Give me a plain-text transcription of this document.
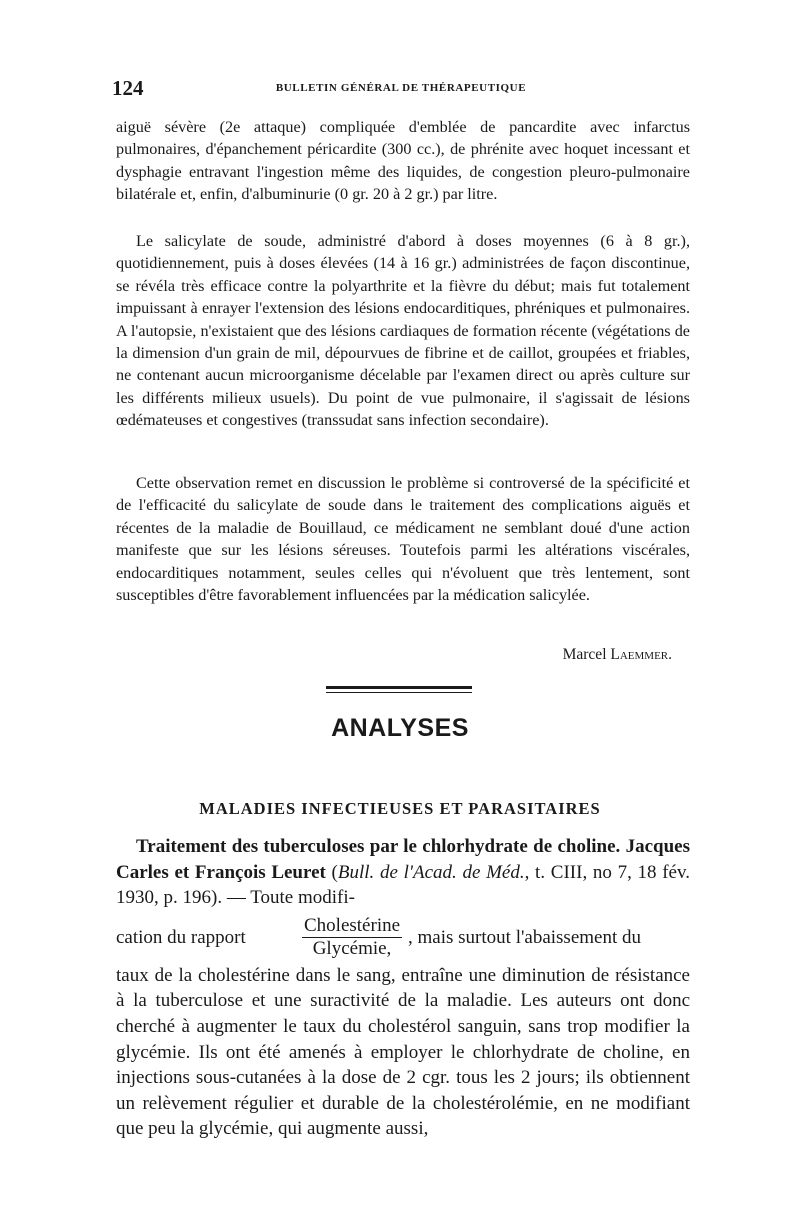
124	BULLETIN GÉNÉRAL DE THÉRAPEUTIQUE

aiguë sévère (2e attaque) compliquée d'emblée de pancardite avec infarctus pulmonaires, d'épanchement péricardite (300 cc.), de phrénite avec hoquet incessant et dysphagie entravant l'ingestion même des liquides, de congestion pleuro-pulmonaire bilatérale et, enfin, d'albuminurie (0 gr. 20 à 2 gr.) par litre.

Le salicylate de soude, administré d'abord à doses moyennes (6 à 8 gr.), quotidiennement, puis à doses élevées (14 à 16 gr.) administrées de façon discontinue, se révéla très efficace contre la polyarthrite et la fièvre du début; mais fut totalement impuissant à enrayer l'extension des lésions endocarditiques, phréniques et pulmonaires. A l'autopsie, n'existaient que des lésions cardiaques de formation récente (végétations de la dimension d'un grain de mil, dépourvues de fibrine et de caillot, groupées et friables, ne contenant aucun microorganisme décelable par l'examen direct ou après culture sur les différents milieux usuels). Du point de vue pulmonaire, il s'agissait de lésions œdémateuses et congestives (transsudat sans infection secondaire).

Cette observation remet en discussion le problème si controversé de la spécificité et de l'efficacité du salicylate de soude dans le traitement des complications aiguës et récentes de la maladie de Bouillaud, ce médicament ne semblant doué d'une action manifeste que sur les lésions séreuses. Toutefois parmi les altérations viscérales, endocarditiques notamment, seules celles qui n'évoluent que très lentement, sont susceptibles d'être favorablement influencées par la médication salicylée.

Marcel Laemmer.
ANALYSES
MALADIES INFECTIEUSES ET PARASITAIRES

Traitement des tuberculoses par le chlorhydrate de choline. Jacques Carles et François Leuret (Bull. de l'Acad. de Méd., t. CIII, no 7, 18 fév. 1930, p. 196). — Toute modifi-

cation du rapport	$\frac{\text{Cholestérine}}{\text{Glycémie,}}$ , mais surtout l'abaissement du

taux de la cholestérine dans le sang, entraîne une diminution de résistance à la tuberculose et une suractivité de la maladie. Les auteurs ont donc cherché à augmenter le taux du cholestérol sanguin, sans trop modifier la glycémie. Ils ont été amenés à employer le chlorhydrate de choline, en injections sous-cutanées à la dose de 2 cgr. tous les 2 jours; ils obtiennent un relèvement régulier et durable de la cholestérolémie, en ne modifiant que peu la glycémie, qui augmente aussi,
